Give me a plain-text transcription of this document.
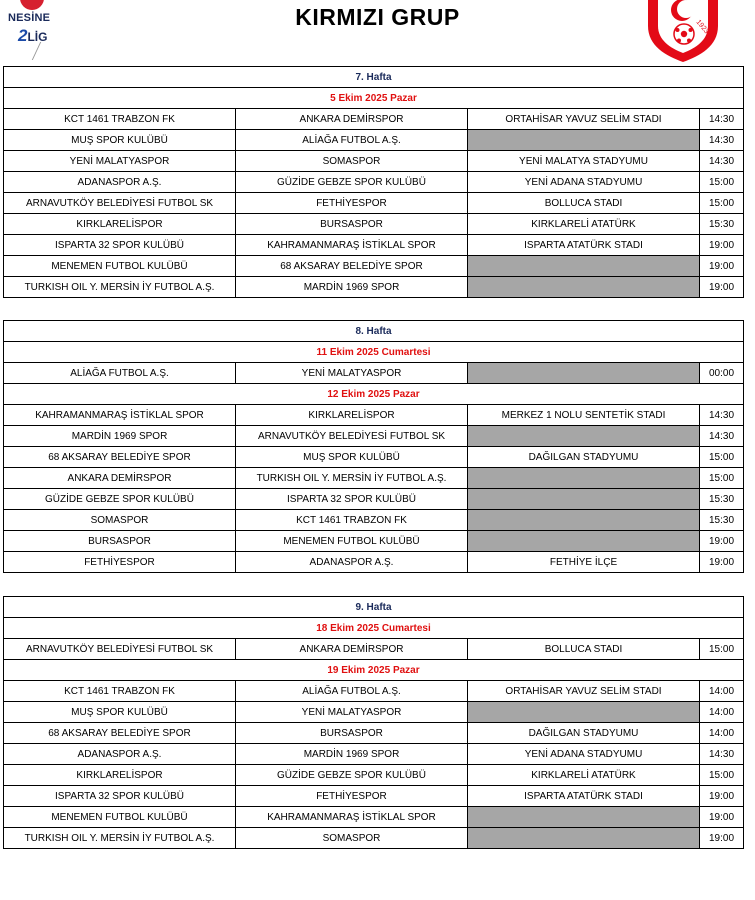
NESİNE
2LİG
KIRMIZI GRUP	1923
7. Hafta			
5 Ekim 2025 Pazar			
KCT 1461 TRABZON FK	ANKARA DEMİRSPOR	ORTAHİSAR YAVUZ SELİM STADI	14:30
MUŞ SPOR KULÜBÜ	ALİAĞA FUTBOL A.Ş.		14:30
YENİ MALATYASPOR	SOMASPOR	YENİ MALATYA STADYUMU	14:30
ADANASPOR A.Ş.	GÜZİDE GEBZE SPOR KULÜBÜ	YENİ ADANA STADYUMU	15:00
ARNAVUTKÖY BELEDİYESİ FUTBOL SK	FETHİYESPOR	BOLLUCA STADI	15:00
KIRKLARELİSPOR	BURSASPOR	KIRKLARELİ ATATÜRK	15:30
ISPARTA 32 SPOR KULÜBÜ	KAHRAMANMARAŞ İSTİKLAL SPOR	ISPARTA ATATÜRK STADI	19:00
MENEMEN FUTBOL KULÜBÜ	68 AKSARAY BELEDİYE SPOR		19:00
TURKISH OIL Y. MERSİN İY FUTBOL A.Ş.	MARDİN 1969 SPOR		19:00
8. Hafta			
11 Ekim 2025 Cumartesi			
ALİAĞA FUTBOL A.Ş.	YENİ MALATYASPOR		00:00
12 Ekim 2025 Pazar			
KAHRAMANMARAŞ İSTİKLAL SPOR	KIRKLARELİSPOR	MERKEZ 1 NOLU SENTETİK STADI	14:30
MARDİN 1969 SPOR	ARNAVUTKÖY BELEDİYESİ FUTBOL SK		14:30
68 AKSARAY BELEDİYE SPOR	MUŞ SPOR KULÜBÜ	DAĞILGAN STADYUMU	15:00
ANKARA DEMİRSPOR	TURKISH OIL Y. MERSİN İY FUTBOL A.Ş.		15:00
GÜZİDE GEBZE SPOR KULÜBÜ	ISPARTA 32 SPOR KULÜBÜ		15:30
SOMASPOR	KCT 1461 TRABZON FK		15:30
BURSASPOR	MENEMEN FUTBOL KULÜBÜ		19:00
FETHİYESPOR	ADANASPOR A.Ş.	FETHİYE İLÇE	19:00
9. Hafta			
18 Ekim 2025 Cumartesi			
ARNAVUTKÖY BELEDİYESİ FUTBOL SK	ANKARA DEMİRSPOR	BOLLUCA STADI	15:00
19 Ekim 2025 Pazar			
KCT 1461 TRABZON FK	ALİAĞA FUTBOL A.Ş.	ORTAHİSAR YAVUZ SELİM STADI	14:00
MUŞ SPOR KULÜBÜ	YENİ MALATYASPOR		14:00
68 AKSARAY BELEDİYE SPOR	BURSASPOR	DAĞILGAN STADYUMU	14:00
ADANASPOR A.Ş.	MARDİN 1969 SPOR	YENİ ADANA STADYUMU	14:30
KIRKLARELİSPOR	GÜZİDE GEBZE SPOR KULÜBÜ	KIRKLARELİ ATATÜRK	15:00
ISPARTA 32 SPOR KULÜBÜ	FETHİYESPOR	ISPARTA ATATÜRK STADI	19:00
MENEMEN FUTBOL KULÜBÜ	KAHRAMANMARAŞ İSTİKLAL SPOR		19:00
TURKISH OIL Y. MERSİN İY FUTBOL A.Ş.	SOMASPOR		19:00
